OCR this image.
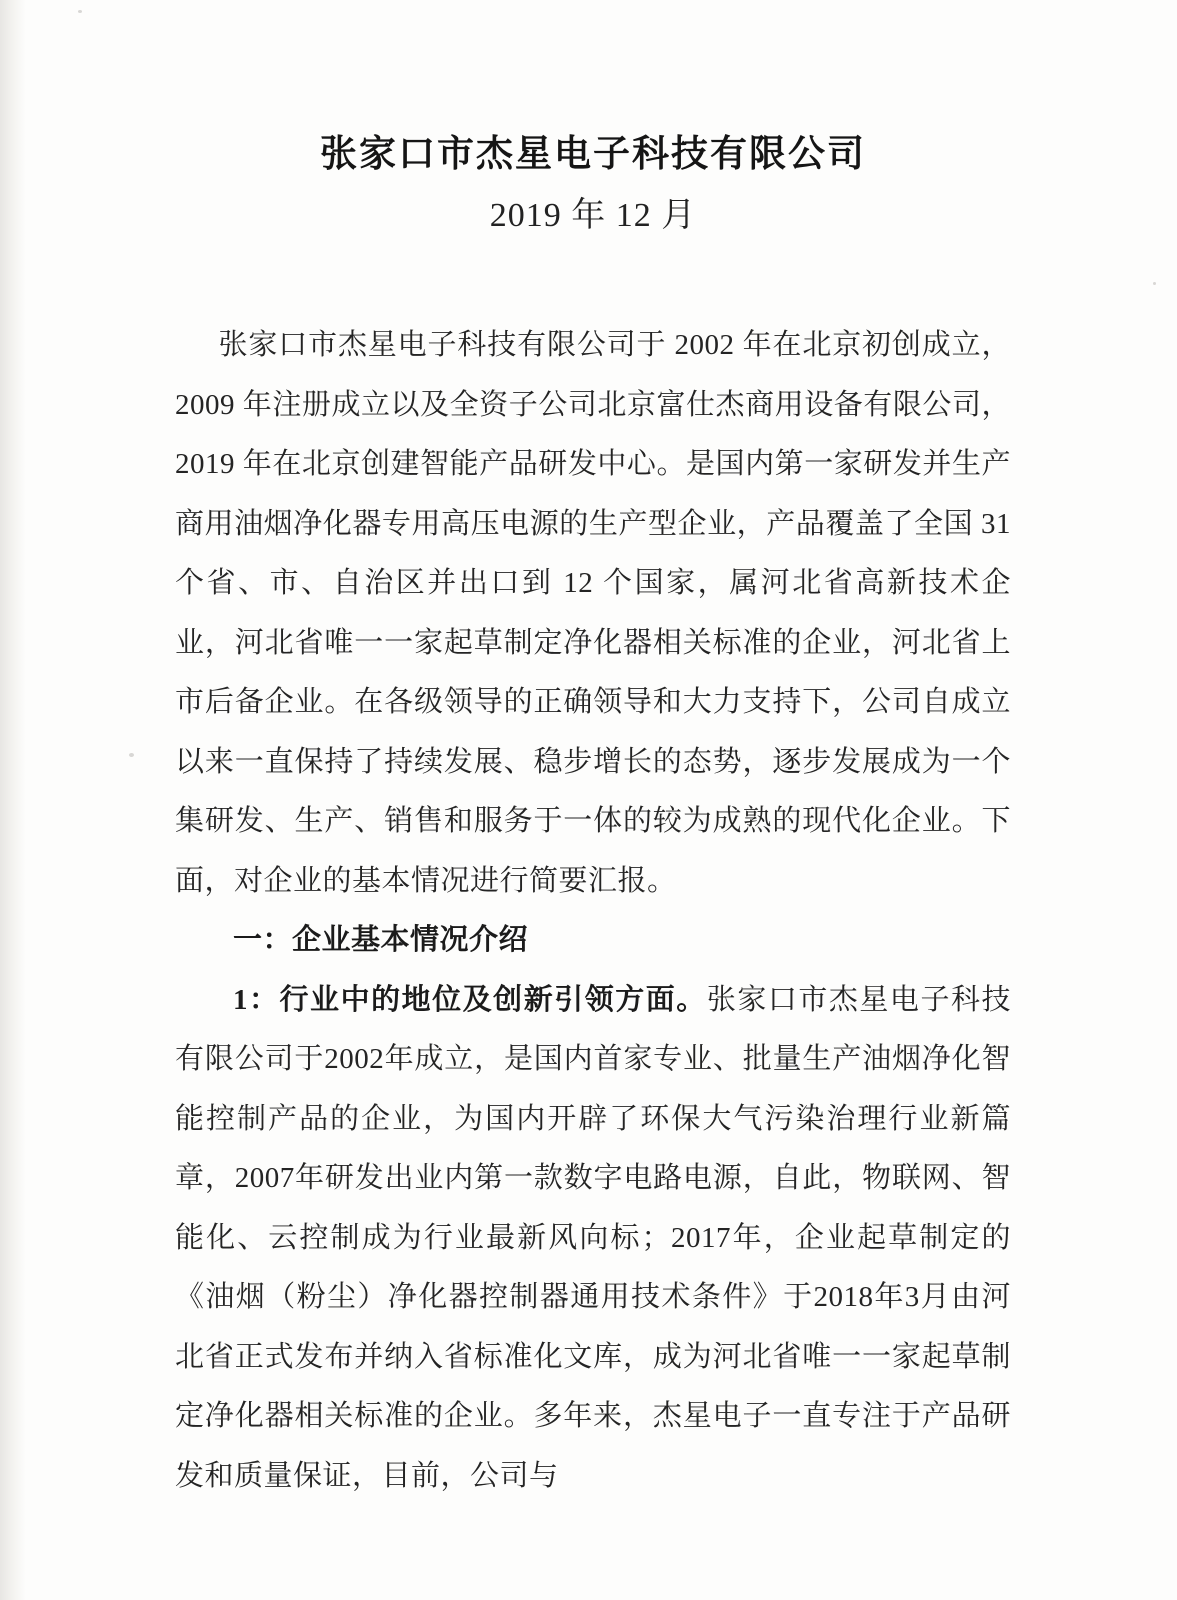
张家口市杰星电子科技有限公司
2019 年 12 月

张家口市杰星电子科技有限公司于 2002 年在北京初创成立，2009 年注册成立以及全资子公司北京富仕杰商用设备有限公司，2019 年在北京创建智能产品研发中心。是国内第一家研发并生产商用油烟净化器专用高压电源的生产型企业，产品覆盖了全国 31 个省、市、自治区并出口到 12 个国家，属河北省高新技术企业，河北省唯一一家起草制定净化器相关标准的企业，河北省上市后备企业。在各级领导的正确领导和大力支持下，公司自成立以来一直保持了持续发展、稳步增长的态势，逐步发展成为一个集研发、生产、销售和服务于一体的较为成熟的现代化企业。下面，对企业的基本情况进行简要汇报。

一：企业基本情况介绍

1：行业中的地位及创新引领方面。张家口市杰星电子科技有限公司于2002年成立，是国内首家专业、批量生产油烟净化智能控制产品的企业，为国内开辟了环保大气污染治理行业新篇章，2007年研发出业内第一款数字电路电源，自此，物联网、智能化、云控制成为行业最新风向标；2017年，企业起草制定的《油烟（粉尘）净化器控制器通用技术条件》于2018年3月由河北省正式发布并纳入省标准化文库，成为河北省唯一一家起草制定净化器相关标准的企业。多年来，杰星电子一直专注于产品研发和质量保证，目前，公司与
